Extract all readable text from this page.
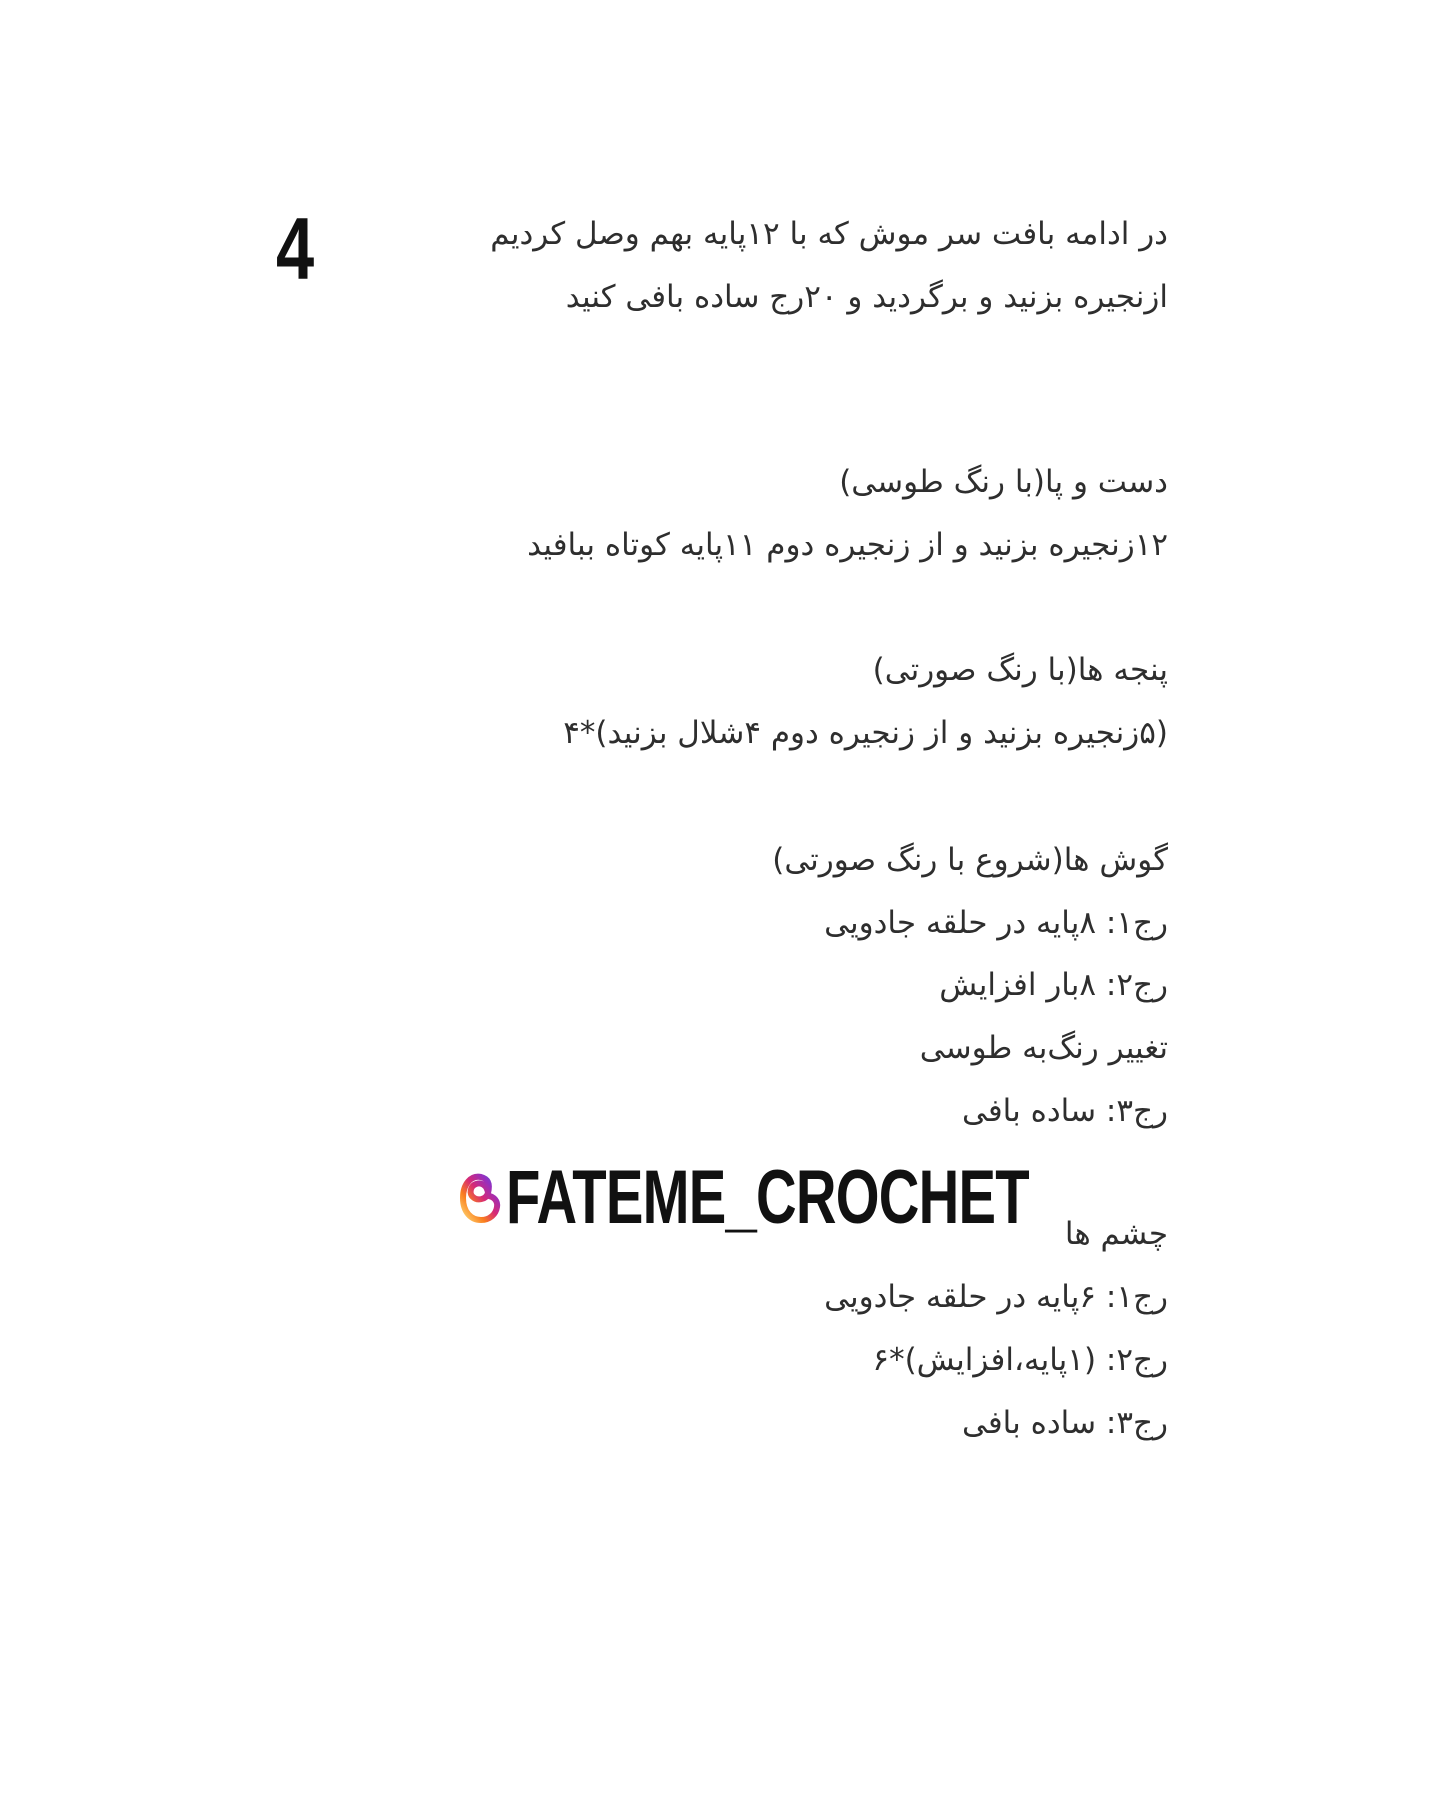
4	در ادامه بافت سر موش که با ۱۲پایه بهم وصل کردیم
ازنجیره بزنید و برگردید و ۲۰رج ساده بافی کنید
دست و پا(با رنگ طوسی)
۱۲زنجیره بزنید و از زنجیره دوم ۱۱پایه کوتاه ببافید
پنجه ها(با رنگ صورتی)
(۵زنجیره بزنید و از زنجیره دوم ۴شلال بزنید)*۴
گوش ها(شروع با رنگ صورتی)
رج۱: ۸پایه در حلقه جادویی
رج۲: ۸بار افزایش
تغییر رنگ‌به طوسی
رج۳: ساده بافی
FATEME_CROCHET چشم ها
رج۱: ۶پایه در حلقه جادویی
رج۲: (۱پایه،افزایش)*۶
رج۳: ساده بافی
